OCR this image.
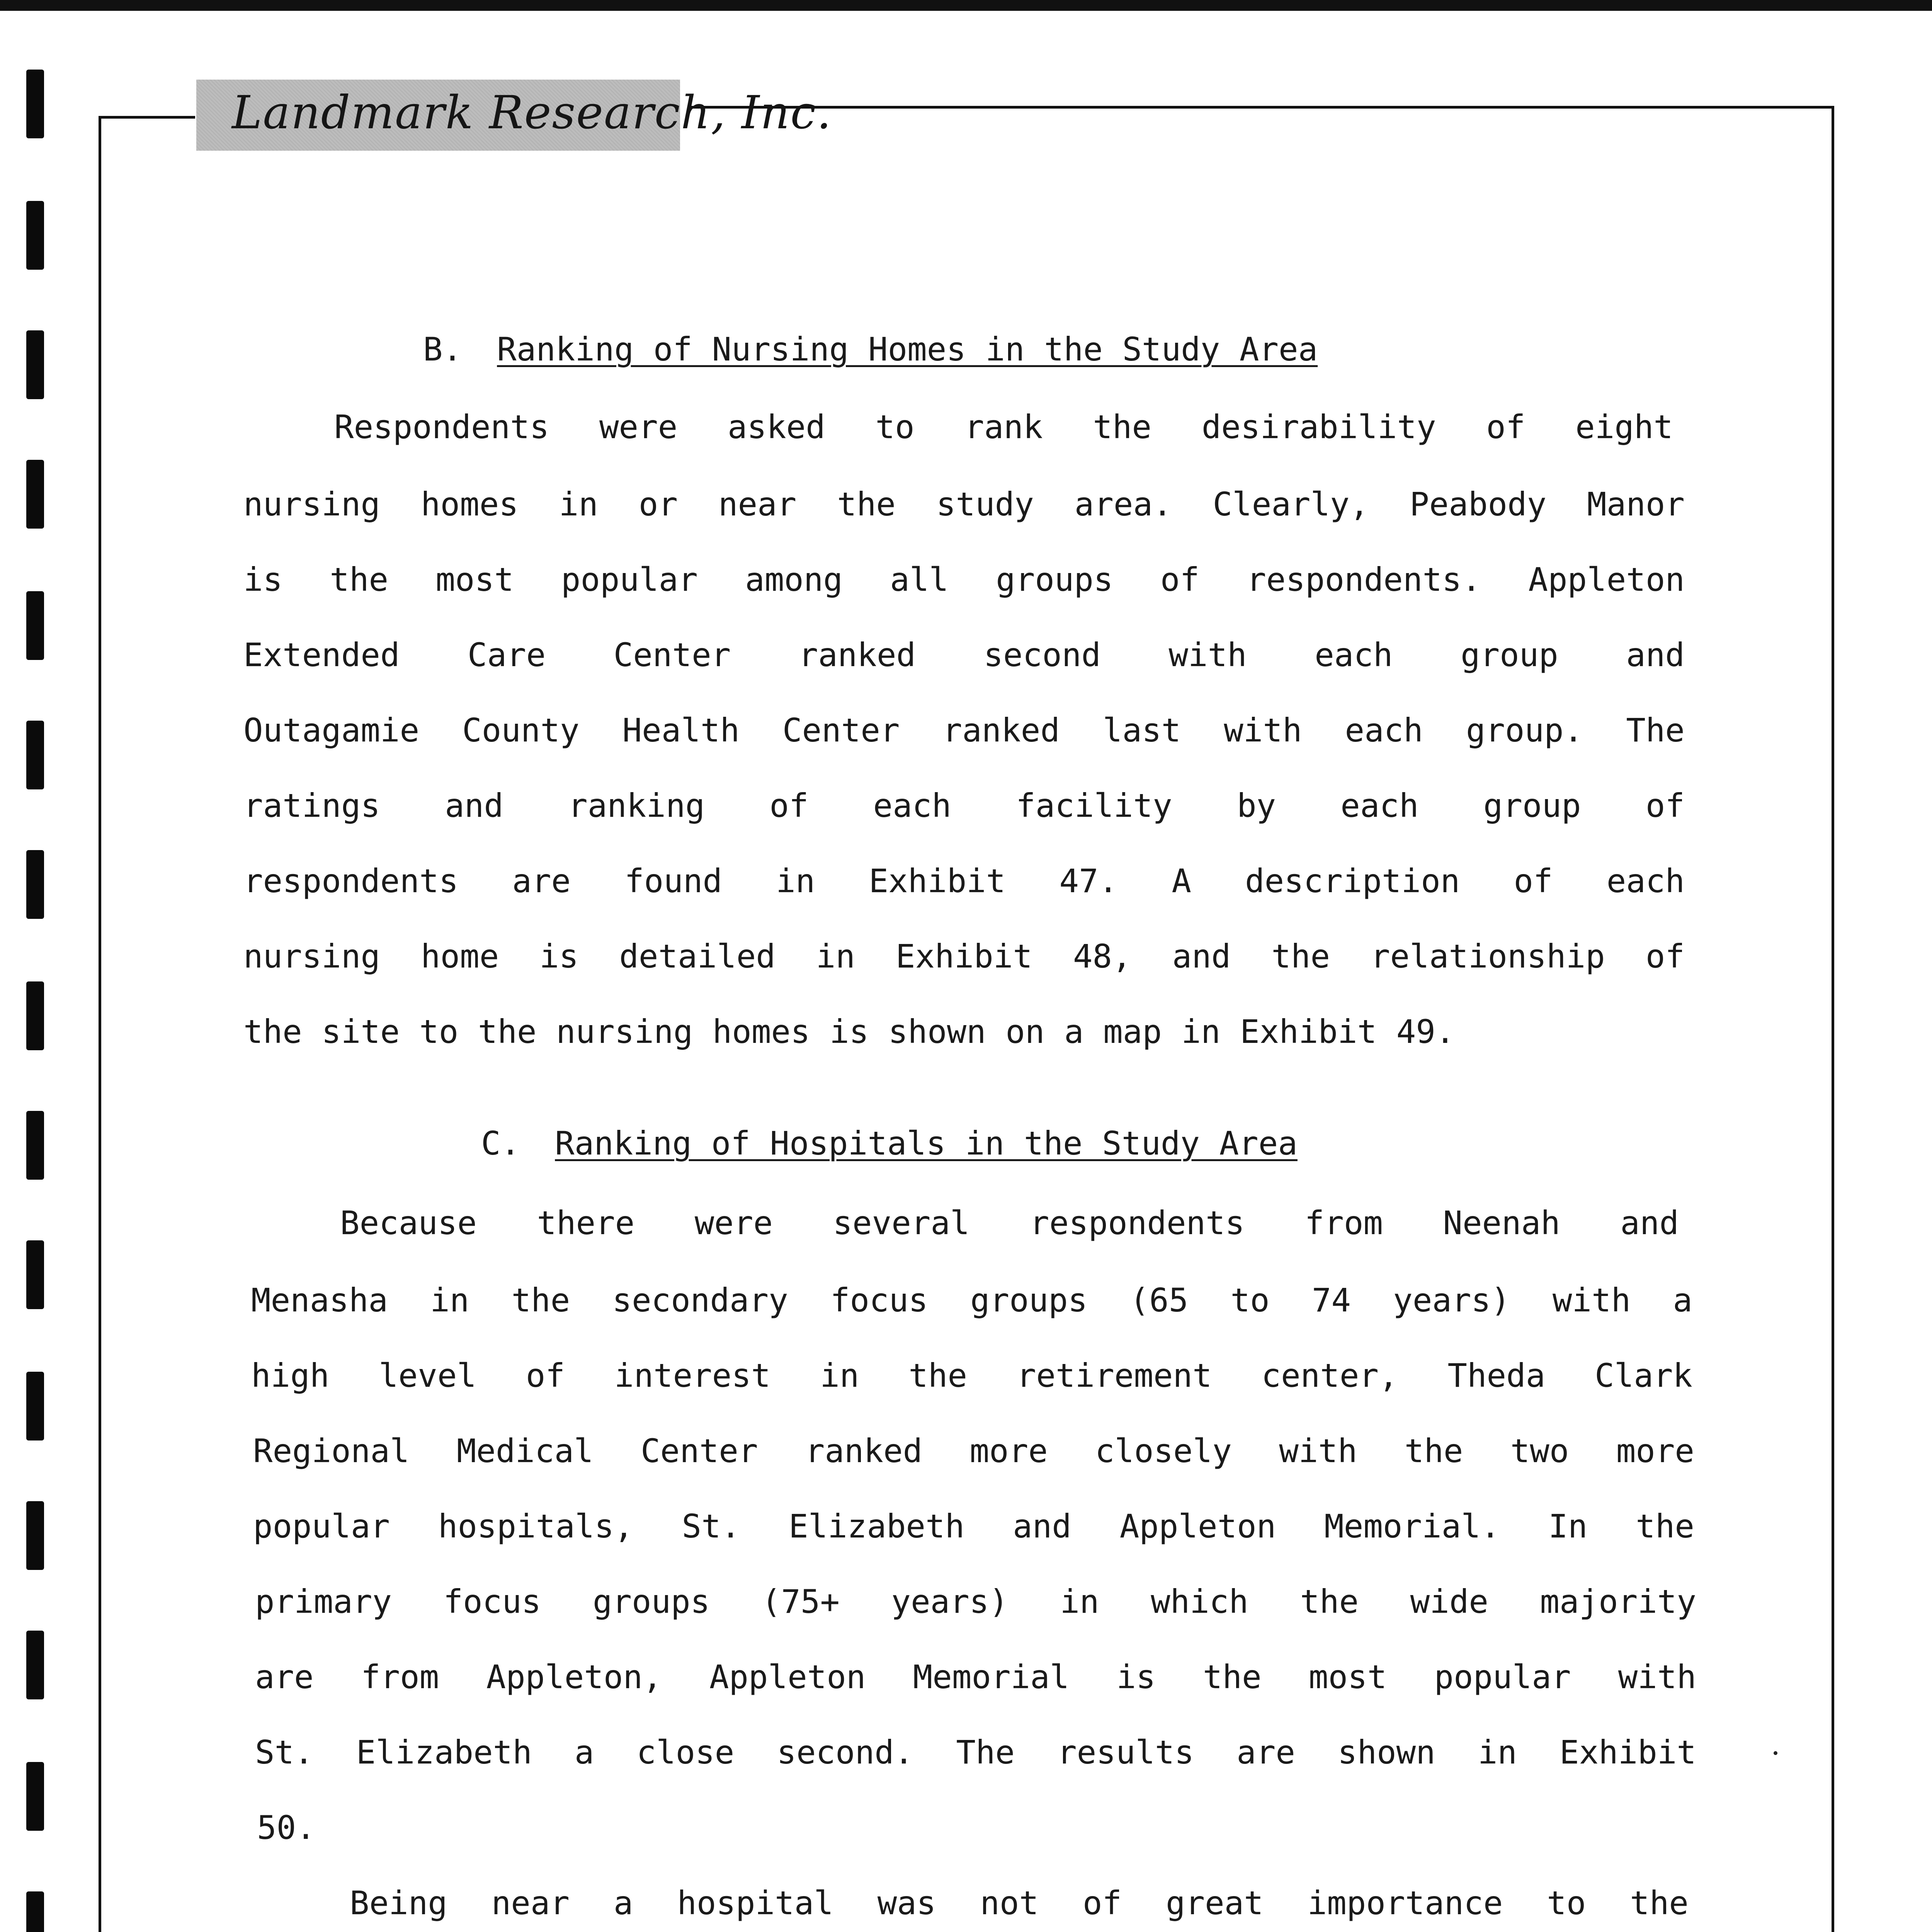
Landmark Research, Inc.
B. Ranking of Nursing Homes in the Study Area
Respondents were asked to rank the desirability of eight
nursing homes in or near the study area. Clearly, Peabody Manor
is the most popular among all groups of respondents. Appleton
Extended Care Center ranked second with each group and
Outagamie County Health Center ranked last with each group. The
ratings and ranking of each facility by each group of
respondents are found in Exhibit 47. A description of each
nursing home is detailed in Exhibit 48, and the relationship of
the site to the nursing homes is shown on a map in Exhibit 49.
C. Ranking of Hospitals in the Study Area
Because there were several respondents from Neenah and
Menasha in the secondary focus groups (65 to 74 years) with a
high level of interest in the retirement center, Theda Clark
Regional Medical Center ranked more closely with the two more
popular hospitals, St. Elizabeth and Appleton Memorial. In the
primary focus groups (75+ years) in which the wide majority
are from Appleton, Appleton Memorial is the most popular with
St. Elizabeth a close second. The results are shown in Exhibit
50.
Being near a hospital was not of great importance to the
